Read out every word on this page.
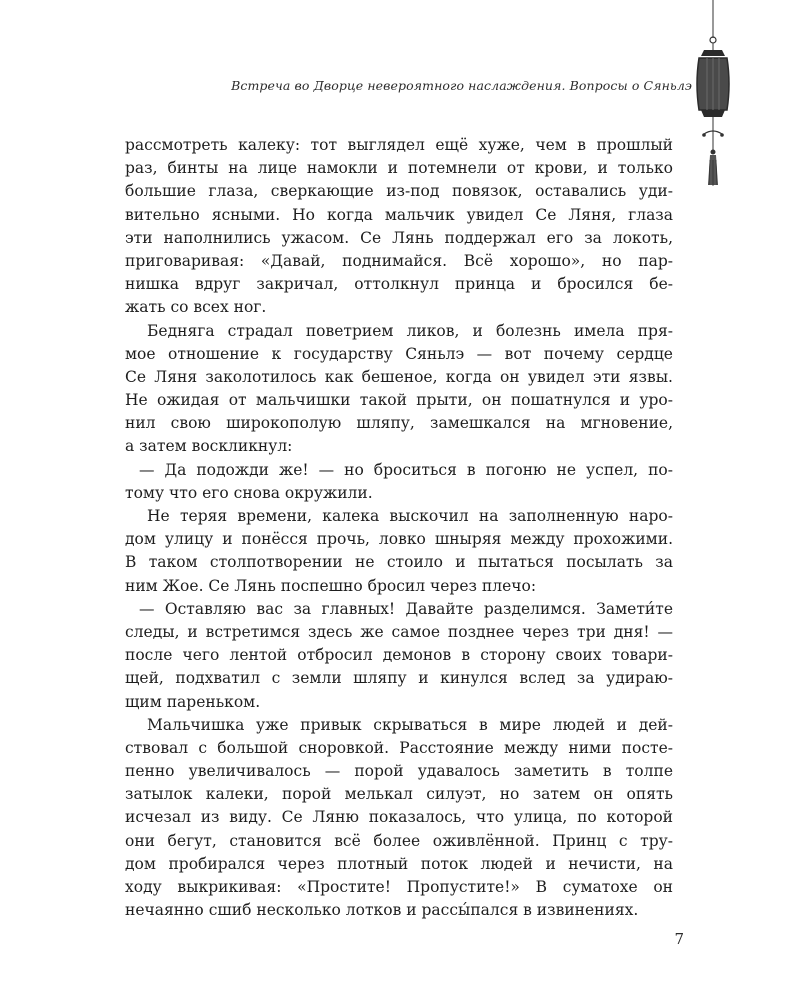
Встреча во Дворце невероятного наслаждения. Вопросы о Сяньлэ
рассмотреть калеку: тот выглядел ещё хуже, чем в прошлый
раз, бинты на лице намокли и потемнели от крови, и только
большие глаза, сверкающие из-под повязок, оставались уди-
вительно ясными. Но когда мальчик увидел Се Ляня, глаза
эти наполнились ужасом. Се Лянь поддержал его за локоть,
приговаривая: «Давай, поднимайся. Всё хорошо», но пар-
нишка вдруг закричал, оттолкнул принца и бросился бе-
жать со всех ног.
Бедняга страдал поветрием ликов, и болезнь имела пря-
мое отношение к государству Сяньлэ — вот почему сердце
Се Ляня заколотилось как бешеное, когда он увидел эти язвы.
Не ожидая от мальчишки такой прыти, он пошатнулся и уро-
нил свою широкополую шляпу, замешкался на мгновение,
а затем воскликнул:
— Да подожди же! — но броситься в погоню не успел, по-
тому что его снова окружили.
Не теряя времени, калека выскочил на заполненную наро-
дом улицу и понёсся прочь, ловко шныряя между прохожими.
В таком столпотворении не стоило и пытаться посылать за
ним Жое. Се Лянь поспешно бросил через плечо:
— Оставляю вас за главных! Давайте разделимся. Замети́те
следы, и встретимся здесь же самое позднее через три дня! —
после чего лентой отбросил демонов в сторону своих товари-
щей, подхватил с земли шляпу и кинулся вслед за удираю-
щим пареньком.
Мальчишка уже привык скрываться в мире людей и дей-
ствовал с большой сноровкой. Расстояние между ними посте-
пенно увеличивалось — порой удавалось заметить в толпе
затылок калеки, порой мелькал силуэт, но затем он опять
исчезал из виду. Се Ляню показалось, что улица, по которой
они бегут, становится всё более оживлённой. Принц с тру-
дом пробирался через плотный поток людей и нечисти, на
ходу выкрикивая: «Простите! Пропустите!» В суматохе он
нечаянно сшиб несколько лотков и рассы́пался в извинениях.
7
